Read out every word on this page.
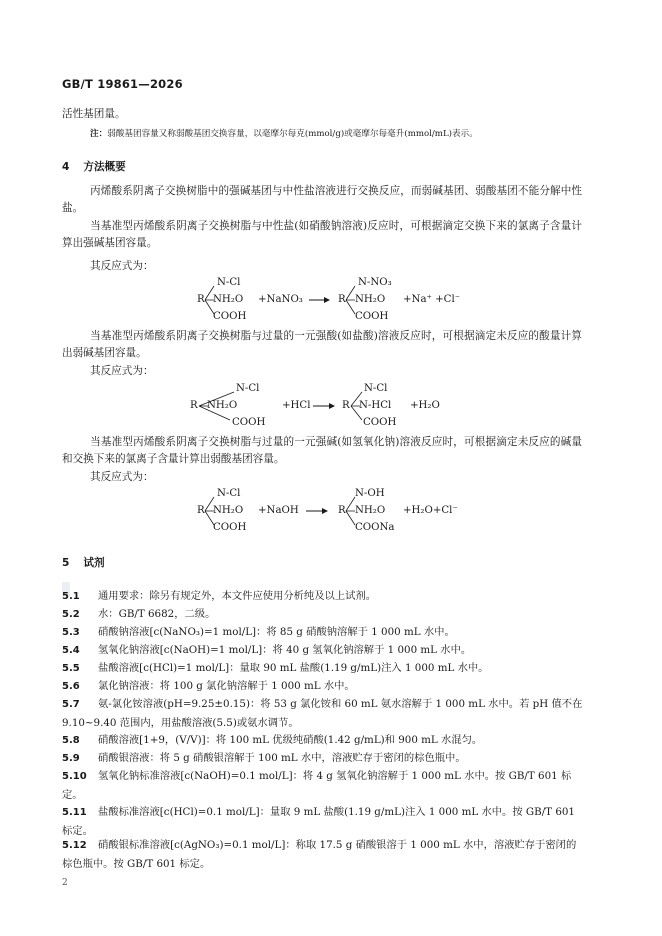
GB/T 19861—2026
活性基团量。
注：弱酸基团容量又称弱酸基团交换容量，以毫摩尔每克(mmol/g)或毫摩尔每毫升(mmol/mL)表示。
4 方法概要
丙烯酸系阴离子交换树脂中的强碱基团与中性盐溶液进行交换反应，而弱碱基团、弱酸基团不能分解中性盐。
当基准型丙烯酸系阴离子交换树脂与中性盐(如硝酸钠溶液)反应时，可根据滴定交换下来的氯离子含量计算出强碱基团容量。
其反应式为：
R
N-Cl
NH₂O
COOH
+NaNO₃	R
N-NO₃
NH₂O
COOH
+Na⁺ +Cl⁻
当基准型丙烯酸系阴离子交换树脂与过量的一元强酸(如盐酸)溶液反应时，可根据滴定未反应的酸量计算出弱碱基团容量。
其反应式为：
R
N-Cl
NH₂O
COOH
+HCl	R
N-Cl
N-HCl
COOH
+H₂O
当基准型丙烯酸系阴离子交换树脂与过量的一元强碱(如氢氧化钠)溶液反应时，可根据滴定未反应的碱量和交换下来的氯离子含量计算出弱酸基团容量。
其反应式为：
R
N-Cl
NH₂O
COOH
+NaOH	R
N-OH
NH₂O
COONa
+H₂O+Cl⁻
5 试剂
5.1 通用要求：除另有规定外，本文件应使用分析纯及以上试剂。
5.2 水：GB/T 6682，二级。
5.3 硝酸钠溶液[c(NaNO₃)=1 mol/L]：将 85 g 硝酸钠溶解于 1 000 mL 水中。
5.4 氢氧化钠溶液[c(NaOH)=1 mol/L]：将 40 g 氢氧化钠溶解于 1 000 mL 水中。
5.5 盐酸溶液[c(HCl)=1 mol/L]：量取 90 mL 盐酸(1.19 g/mL)注入 1 000 mL 水中。
5.6 氯化钠溶液：将 100 g 氯化钠溶解于 1 000 mL 水中。
5.7 氨-氯化铵溶液(pH=9.25±0.15)：将 53 g 氯化铵和 60 mL 氨水溶解于 1 000 mL 水中。若 pH 值不在 9.10~9.40 范围内，用盐酸溶液(5.5)或氨水调节。
5.8 硝酸溶液[1+9，(V/V)]：将 100 mL 优级纯硝酸(1.42 g/mL)和 900 mL 水混匀。
5.9 硝酸银溶液：将 5 g 硝酸银溶解于 100 mL 水中，溶液贮存于密闭的棕色瓶中。
5.10 氢氧化钠标准溶液[c(NaOH)=0.1 mol/L]：将 4 g 氢氧化钠溶解于 1 000 mL 水中。按 GB/T 601 标定。
5.11 盐酸标准溶液[c(HCl)=0.1 mol/L]：量取 9 mL 盐酸(1.19 g/mL)注入 1 000 mL 水中。按 GB/T 601 标定。
5.12 硝酸银标准溶液[c(AgNO₃)=0.1 mol/L]：称取 17.5 g 硝酸银溶于 1 000 mL 水中，溶液贮存于密闭的棕色瓶中。按 GB/T 601 标定。
2
